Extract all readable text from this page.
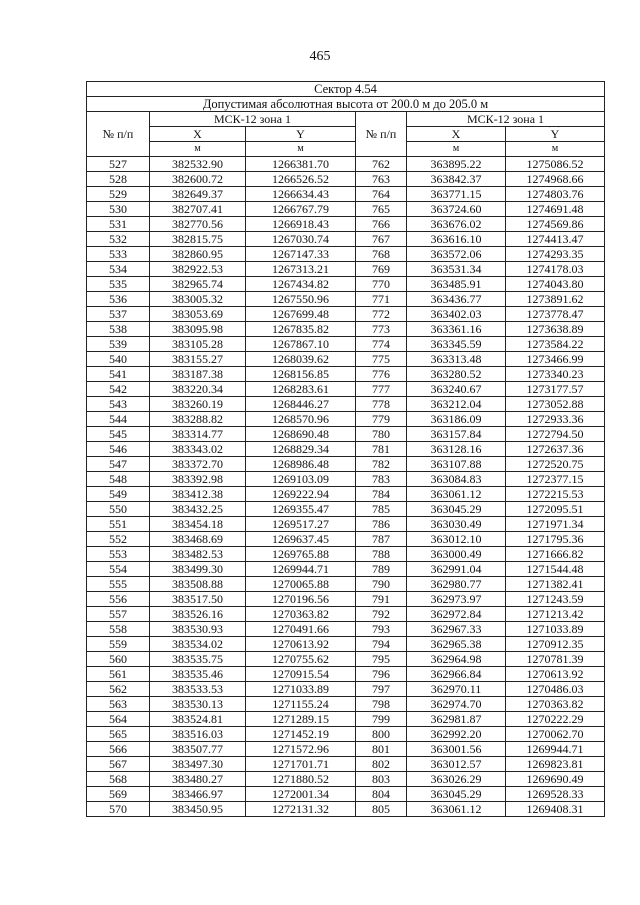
465
Сектор 4.54					
Допустимая абсолютная высота от 200.0 м до 205.0 м					
№ п/п	МСК-12 зона 1		№ п/п	МСК-12 зона 1	
	X	Y		X	Y
	м	м		м	м
527	382532.90	1266381.70	762	363895.22	1275086.52
528	382600.72	1266526.52	763	363842.37	1274968.66
529	382649.37	1266634.43	764	363771.15	1274803.76
530	382707.41	1266767.79	765	363724.60	1274691.48
531	382770.56	1266918.43	766	363676.02	1274569.86
532	382815.75	1267030.74	767	363616.10	1274413.47
533	382860.95	1267147.33	768	363572.06	1274293.35
534	382922.53	1267313.21	769	363531.34	1274178.03
535	382965.74	1267434.82	770	363485.91	1274043.80
536	383005.32	1267550.96	771	363436.77	1273891.62
537	383053.69	1267699.48	772	363402.03	1273778.47
538	383095.98	1267835.82	773	363361.16	1273638.89
539	383105.28	1267867.10	774	363345.59	1273584.22
540	383155.27	1268039.62	775	363313.48	1273466.99
541	383187.38	1268156.85	776	363280.52	1273340.23
542	383220.34	1268283.61	777	363240.67	1273177.57
543	383260.19	1268446.27	778	363212.04	1273052.88
544	383288.82	1268570.96	779	363186.09	1272933.36
545	383314.77	1268690.48	780	363157.84	1272794.50
546	383343.02	1268829.34	781	363128.16	1272637.36
547	383372.70	1268986.48	782	363107.88	1272520.75
548	383392.98	1269103.09	783	363084.83	1272377.15
549	383412.38	1269222.94	784	363061.12	1272215.53
550	383432.25	1269355.47	785	363045.29	1272095.51
551	383454.18	1269517.27	786	363030.49	1271971.34
552	383468.69	1269637.45	787	363012.10	1271795.36
553	383482.53	1269765.88	788	363000.49	1271666.82
554	383499.30	1269944.71	789	362991.04	1271544.48
555	383508.88	1270065.88	790	362980.77	1271382.41
556	383517.50	1270196.56	791	362973.97	1271243.59
557	383526.16	1270363.82	792	362972.84	1271213.42
558	383530.93	1270491.66	793	362967.33	1271033.89
559	383534.02	1270613.92	794	362965.38	1270912.35
560	383535.75	1270755.62	795	362964.98	1270781.39
561	383535.46	1270915.54	796	362966.84	1270613.92
562	383533.53	1271033.89	797	362970.11	1270486.03
563	383530.13	1271155.24	798	362974.70	1270363.82
564	383524.81	1271289.15	799	362981.87	1270222.29
565	383516.03	1271452.19	800	362992.20	1270062.70
566	383507.77	1271572.96	801	363001.56	1269944.71
567	383497.30	1271701.71	802	363012.57	1269823.81
568	383480.27	1271880.52	803	363026.29	1269690.49
569	383466.97	1272001.34	804	363045.29	1269528.33
570	383450.95	1272131.32	805	363061.12	1269408.31
